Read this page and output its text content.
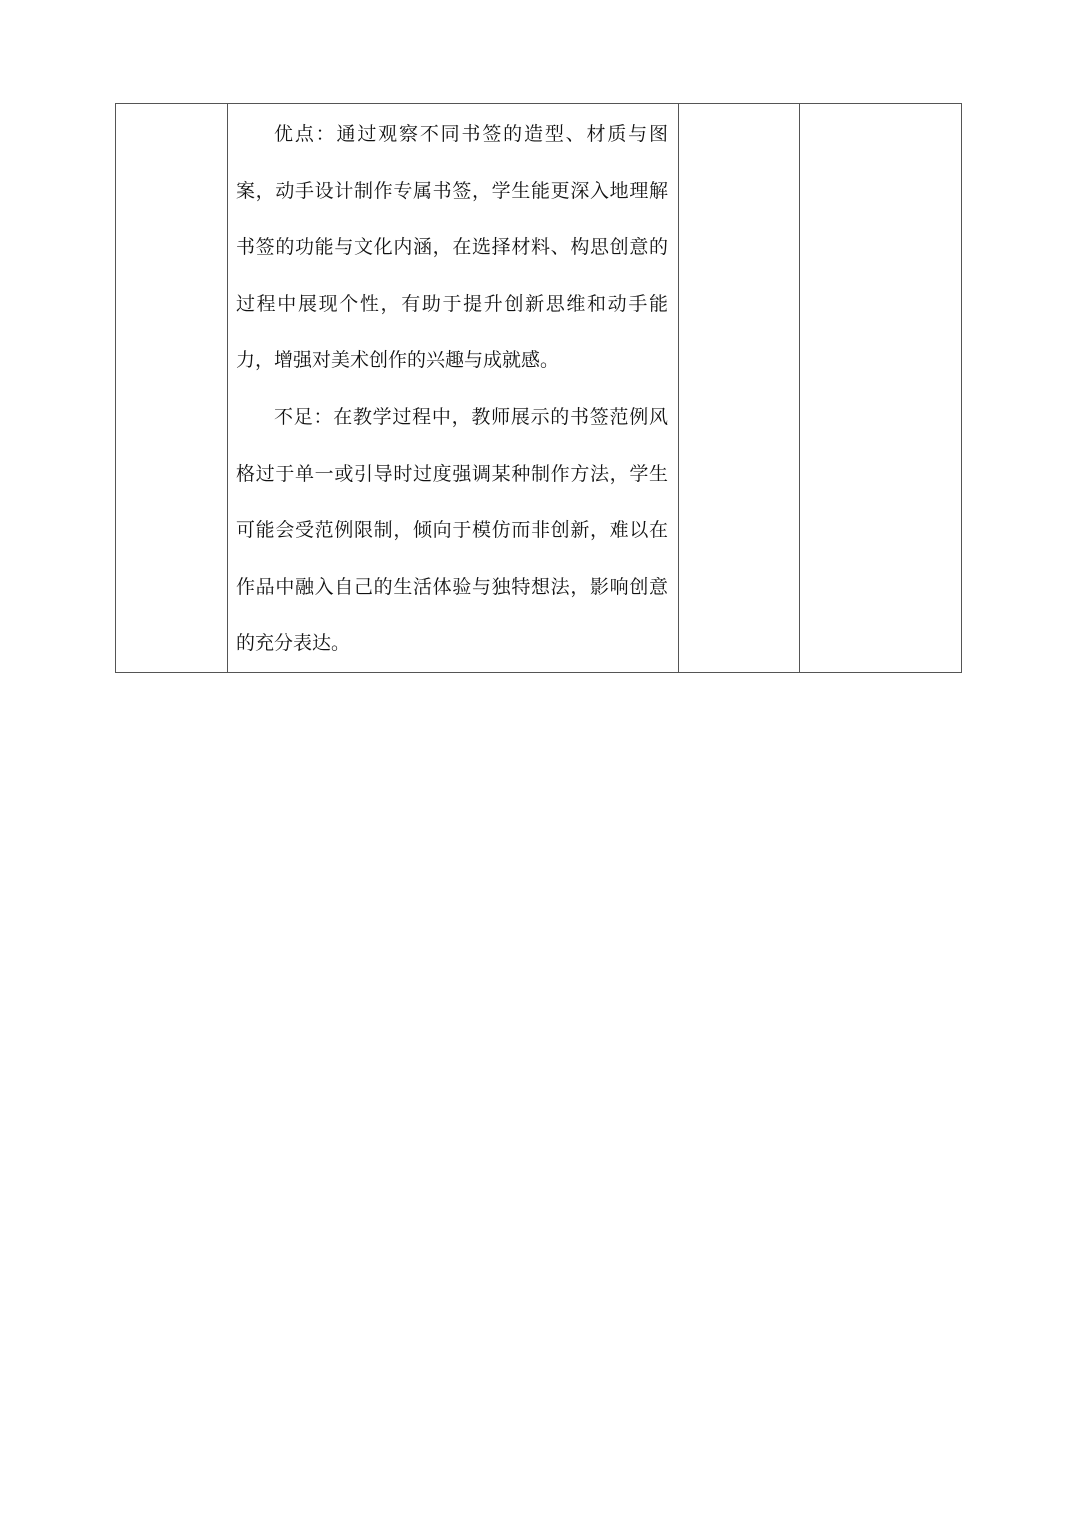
优点：通过观察不同书签的造型、材质与图案，动手设计制作专属书签，学生能更深入地理解书签的功能与文化内涵，在选择材料、构思创意的过程中展现个性，有助于提升创新思维和动手能力，增强对美术创作的兴趣与成就感。

不足：在教学过程中，教师展示的书签范例风格过于单一或引导时过度强调某种制作方法，学生可能会受范例限制，倾向于模仿而非创新，难以在作品中融入自己的生活体验与独特想法，影响创意的充分表达。
